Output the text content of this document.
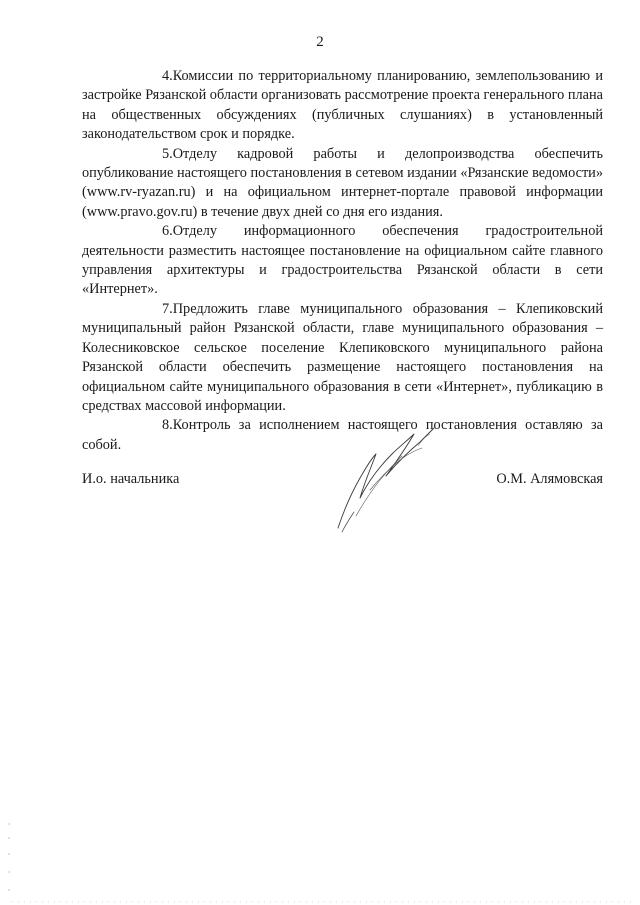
2

4.Комиссии по территориальному планированию, землепользованию и застройке Рязанской области организовать рассмотрение проекта генерального плана на общественных обсуждениях (публичных слушаниях) в установленный законодательством срок и порядке.

5.Отделу кадровой работы и делопроизводства обеспечить опубликование настоящего постановления в сетевом издании «Рязанские ведомости» (www.rv-ryazan.ru) и на официальном интернет-портале правовой информации (www.pravo.gov.ru) в течение двух дней со дня его издания.

6.Отделу информационного обеспечения градостроительной деятельности разместить настоящее постановление на официальном сайте главного управления архитектуры и градостроительства Рязанской области в сети «Интернет».

7.Предложить главе муниципального образования – Клепиковский муниципальный район Рязанской области, главе муниципального образования – Колесниковское сельское поселение Клепиковского муниципального района Рязанской области обеспечить размещение настоящего постановления на официальном сайте муниципального образования в сети «Интернет», публикацию в средствах массовой информации.

8.Контроль за исполнением настоящего постановления оставляю за собой.

И.о. начальника	О.М. Алямовская
